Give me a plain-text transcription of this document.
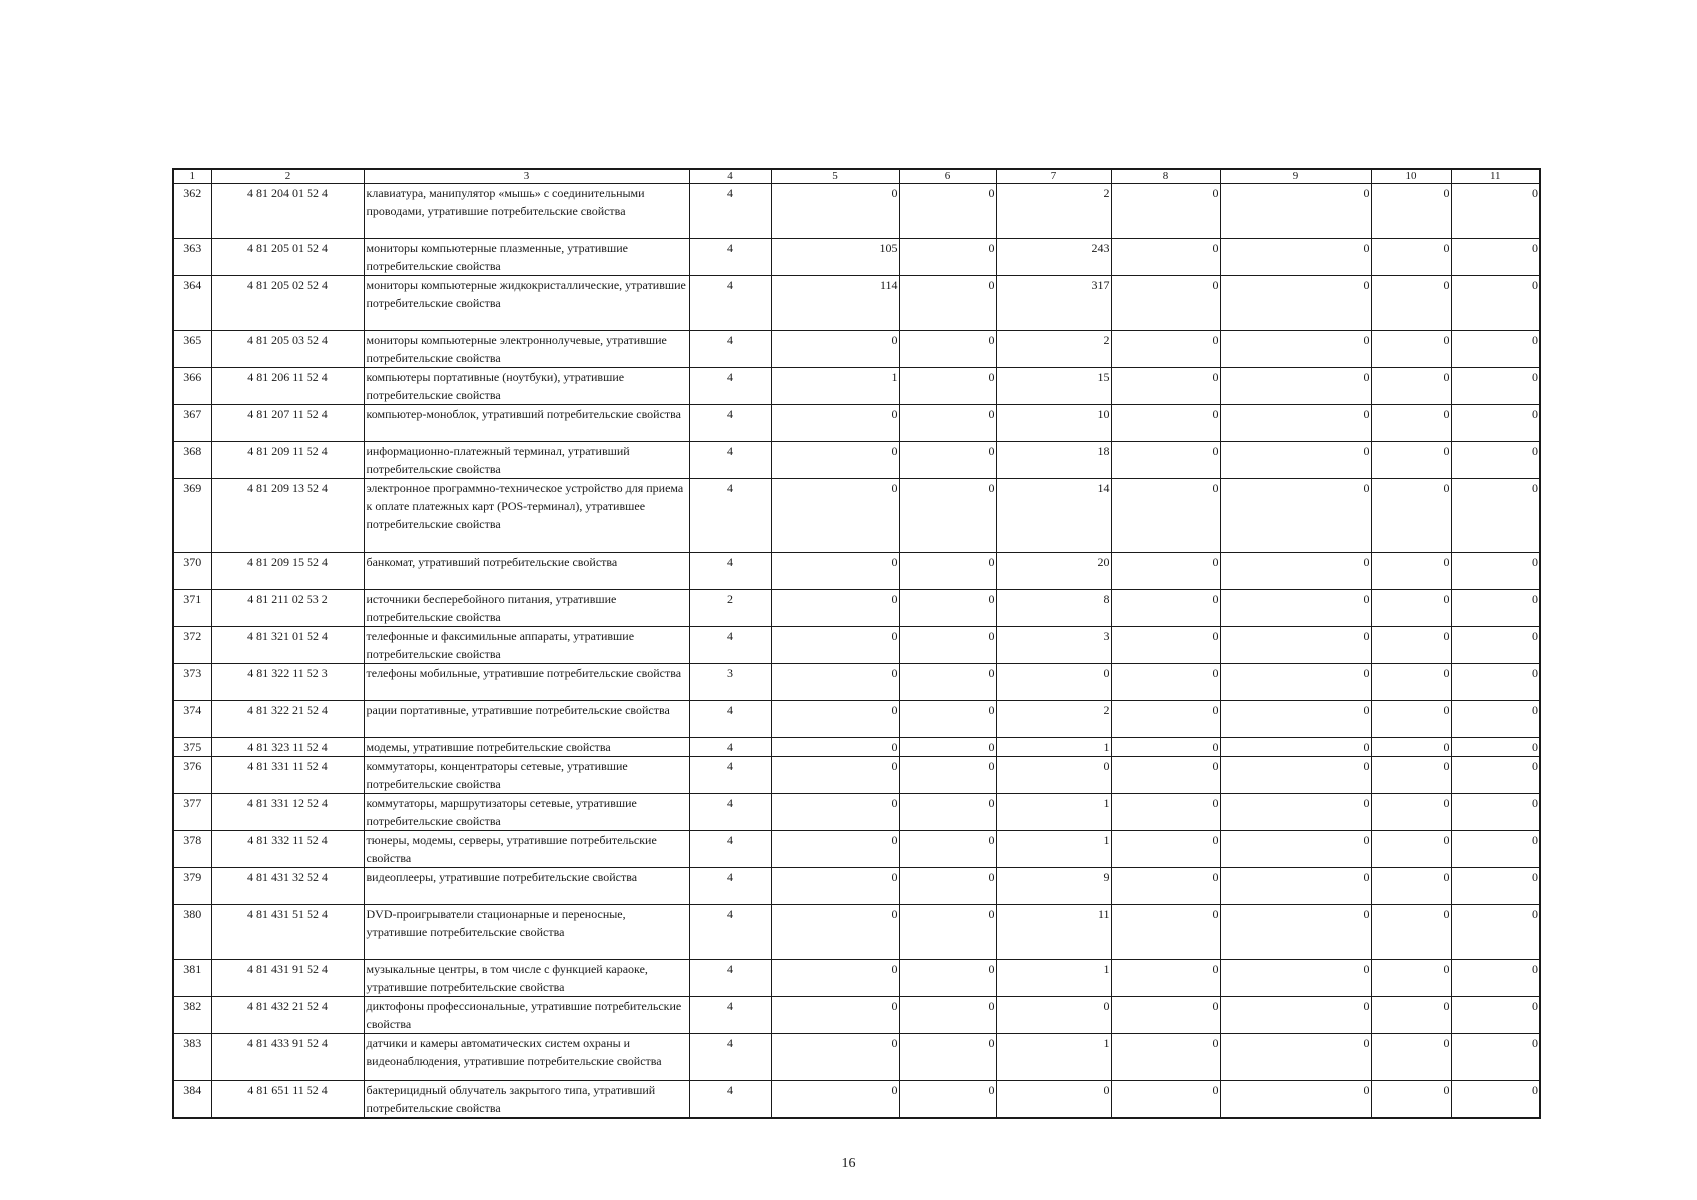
1	2	3	4	5	6	7	8	9	10	11
362	4 81 204 01 52 4	клавиатура, манипулятор «мышь» с соединительными проводами, утратившие потребительские свойства	4	0	0	2	0	0	0	0
363	4 81 205 01 52 4	мониторы компьютерные плазменные, утратившие потребительские свойства	4	105	0	243	0	0	0	0
364	4 81 205 02 52 4	мониторы компьютерные жидкокристаллические, утратившие потребительские свойства	4	114	0	317	0	0	0	0
365	4 81 205 03 52 4	мониторы компьютерные электроннолучевые, утратившие потребительские свойства	4	0	0	2	0	0	0	0
366	4 81 206 11 52 4	компьютеры портативные (ноутбуки), утратившие потребительские свойства	4	1	0	15	0	0	0	0
367	4 81 207 11 52 4	компьютер-моноблок, утративший потребительские свойства	4	0	0	10	0	0	0	0
368	4 81 209 11 52 4	информационно-платежный терминал, утративший потребительские свойства	4	0	0	18	0	0	0	0
369	4 81 209 13 52 4	электронное программно-техническое устройство для приема к оплате платежных карт (POS-терминал), утратившее потребительские свойства	4	0	0	14	0	0	0	0
370	4 81 209 15 52 4	банкомат, утративший потребительские свойства	4	0	0	20	0	0	0	0
371	4 81 211 02 53 2	источники бесперебойного питания, утратившие потребительские свойства	2	0	0	8	0	0	0	0
372	4 81 321 01 52 4	телефонные и факсимильные аппараты, утратившие потребительские свойства	4	0	0	3	0	0	0	0
373	4 81 322 11 52 3	телефоны мобильные, утратившие потребительские свойства	3	0	0	0	0	0	0	0
374	4 81 322 21 52 4	рации портативные, утратившие потребительские свойства	4	0	0	2	0	0	0	0
375	4 81 323 11 52 4	модемы, утратившие потребительские свойства	4	0	0	1	0	0	0	0
376	4 81 331 11 52 4	коммутаторы, концентраторы сетевые, утратившие потребительские свойства	4	0	0	0	0	0	0	0
377	4 81 331 12 52 4	коммутаторы, маршрутизаторы сетевые, утратившие потребительские свойства	4	0	0	1	0	0	0	0
378	4 81 332 11 52 4	тюнеры, модемы, серверы, утратившие потребительские свойства	4	0	0	1	0	0	0	0
379	4 81 431 32 52 4	видеоплееры, утратившие потребительские свойства	4	0	0	9	0	0	0	0
380	4 81 431 51 52 4	DVD-проигрыватели стационарные и переносные, утратившие потребительские свойства	4	0	0	11	0	0	0	0
381	4 81 431 91 52 4	музыкальные центры, в том числе с функцией караоке, утратившие потребительские свойства	4	0	0	1	0	0	0	0
382	4 81 432 21 52 4	диктофоны профессиональные, утратившие потребительские свойства	4	0	0	0	0	0	0	0
383	4 81 433 91 52 4	датчики и камеры автоматических систем охраны и видеонаблюдения, утратившие потребительские свойства	4	0	0	1	0	0	0	0
384	4 81 651 11 52 4	бактерицидный облучатель закрытого типа, утративший потребительские свойства	4	0	0	0	0	0	0	0
16
